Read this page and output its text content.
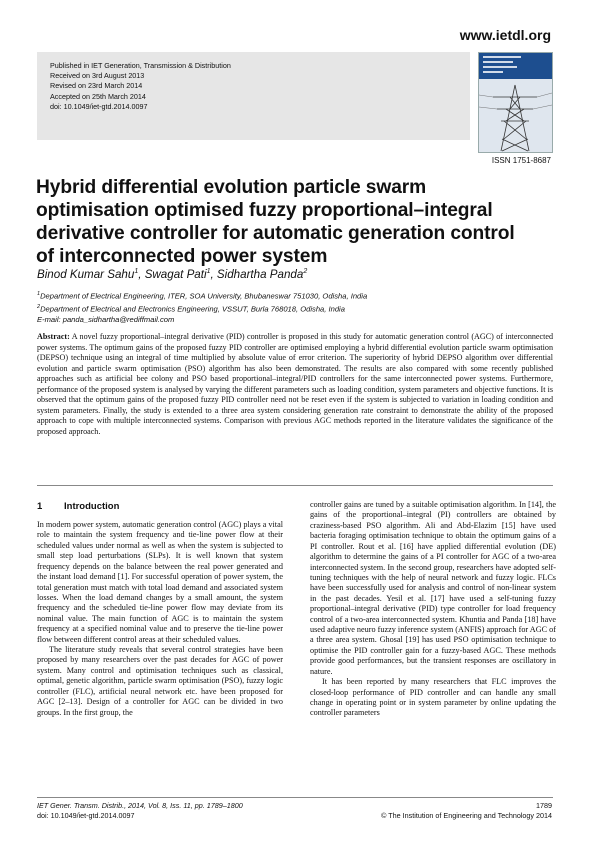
www.ietdl.org
Published in IET Generation, Transmission & Distribution
Received on 3rd August 2013
Revised on 23rd March 2014
Accepted on 25th March 2014
doi: 10.1049/iet-gtd.2014.0097
ISSN 1751-8687
Hybrid differential evolution particle swarm
optimisation optimised fuzzy proportional–integral
derivative controller for automatic generation control
of interconnected power system
Binod Kumar Sahu$^1$, Swagat Pati$^1$, Sidhartha Panda$^2$
$^1$Department of Electrical Engineering, ITER, SOA University, Bhubaneswar 751030, Odisha, India
$^2$Department of Electrical and Electronics Engineering, VSSUT, Burla 768018, Odisha, India
E-mail: panda_sidhartha@rediffmail.com

Abstract: A novel fuzzy proportional–integral derivative (PID) controller is proposed in this study for automatic generation control (AGC) of interconnected power systems. The optimum gains of the proposed fuzzy PID controller are optimised employing a hybrid differential evolution particle swarm optimisation (DEPSO) technique using an integral of time multiplied by absolute value of error criterion. The superiority of hybrid DEPSO algorithm over differential evolution and particle swarm optimisation (PSO) algorithm has also been demonstrated. The results are also compared with some recently published approaches such as artificial bee colony and PSO based proportional–integral/PID controllers for the same interconnected power systems. Furthermore, performance of the proposed system is analysed by varying the different parameters such as loading condition, system parameters and objective functions. It is observed that the optimum gains of the proposed fuzzy PID controller need not be reset even if the system is subjected to variation in loading condition and system parameters. Finally, the study is extended to a three area system considering generation rate constraint to demonstrate the ability of the proposed approach to cope with multiple interconnected systems. Comparison with previous AGC methods reported in the literature validates the significance of the proposed approach.

1 Introduction

In modern power system, automatic generation control (AGC) plays a vital role to maintain the system frequency and tie-line power flow at their scheduled values under normal as well as when the system is subjected to small step load perturbations (SLPs). It is well known that system frequency depends on the balance between the real power generated and the instant load demand [1]. For successful operation of power system, the total generation must match with total load demand and associated system losses. When the load demand changes by a small amount, the system frequency and the scheduled tie-line power flow may deviate from its nominal value. The main function of AGC is to maintain the system frequency at a specified nominal value and to preserve the tie-line power flow between different control areas at their scheduled values.

The literature study reveals that several control strategies have been proposed by many researchers over the past decades for AGC of power system. Many control and optimisation techniques such as classical, optimal, genetic algorithm, particle swarm optimisation (PSO), fuzzy logic controller (FLC), artificial neural network etc. have been proposed for AGC [2–13]. Design of a controller for AGC can be divided in two groups. In the first group, the

controller gains are tuned by a suitable optimisation algorithm. In [14], the gains of the proportional–integral (PI) controllers are obtained by craziness-based PSO algorithm. Ali and Abd-Elazim [15] have used bacteria foraging optimisation technique to obtain the optimum gains of a PI controller. Rout et al. [16] have applied differential evolution (DE) algorithm to determine the gains of a PI controller for AGC of a two-area interconnected system. In the second group, researchers have adopted self-tuning techniques with the help of neural network and fuzzy logic. FLCs have been successfully used for analysis and control of non-linear system in the past decades. Yesil et al. [17] have used a self-tuning fuzzy proportional–integral derivative (PID) type controller for load frequency control of a two-area interconnected system. Khuntia and Panda [18] have used adaptive neuro fuzzy inference system (ANFIS) approach for AGC of a three area system. Ghosal [19] has used PSO optimisation technique to optimise the PID controller gain for a fuzzy-based AGC. These methods provide good performances, but the transient responses are oscillatory in nature.

It has been reported by many researchers that FLC improves the closed-loop performance of PID controller and can handle any small change in operating point or in system parameter by online updating the controller parameters

IET Gener. Transm. Distrib., 2014, Vol. 8, Iss. 11, pp. 1789–1800
doi: 10.1049/iet-gtd.2014.0097
1789
© The Institution of Engineering and Technology 2014
